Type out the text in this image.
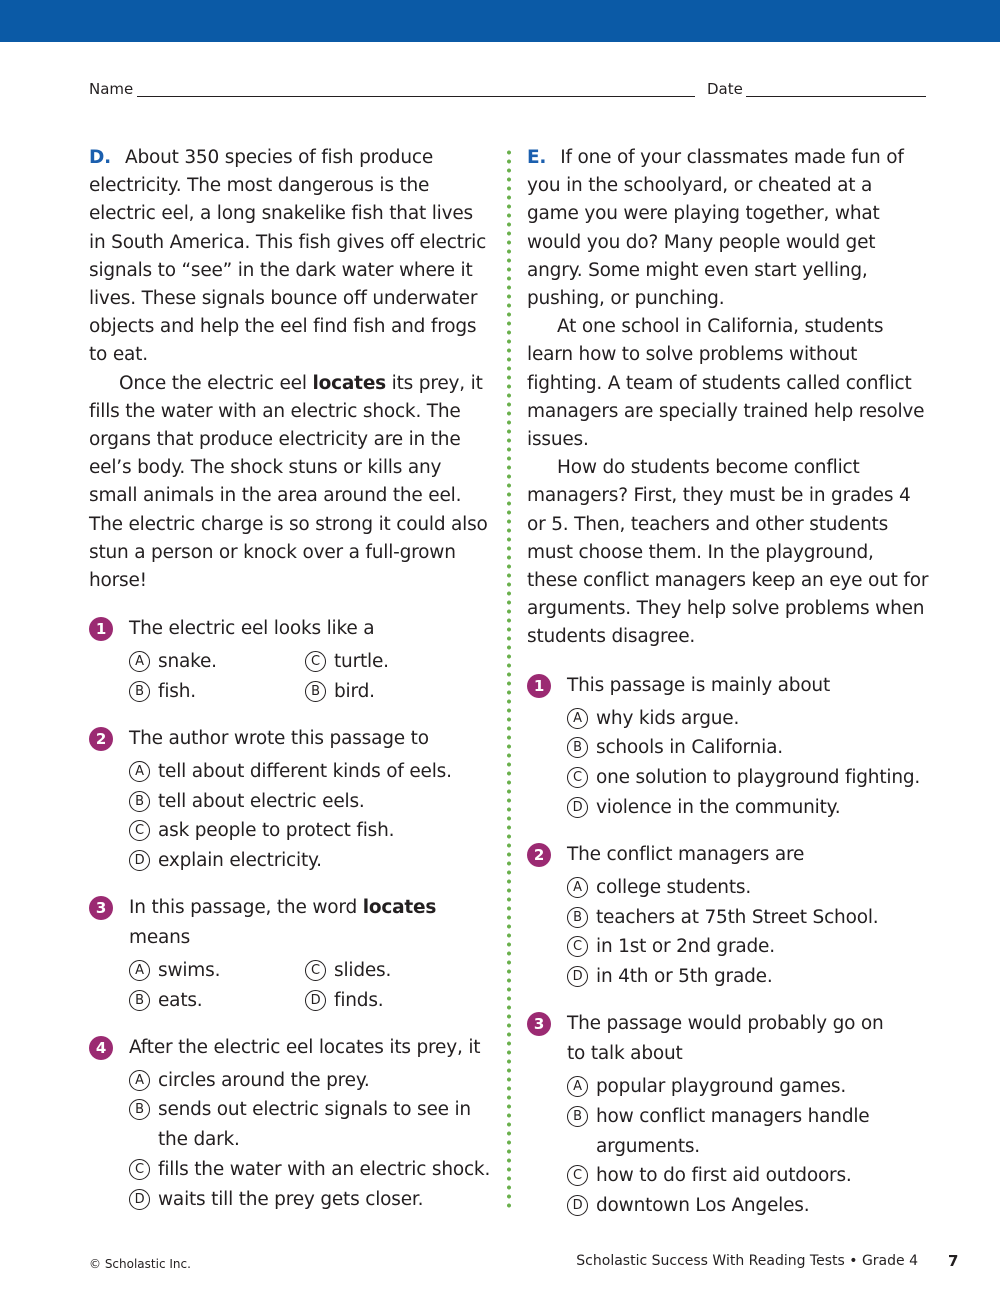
Name	Date

D. About 350 species of fish produce electricity. The most dangerous is the electric eel, a long snakelike fish that lives in South America. This fish gives off electric signals to “see” in the dark water where it lives. These signals bounce off underwater objects and help the eel find fish and frogs to eat.

Once the electric eel locates its prey, it fills the water with an electric shock. The organs that produce electricity are in the eel’s body. The shock stuns or kills any small animals in the area around the eel. The electric charge is so strong it could also stun a person or knock over a full-grown horse!

1	The electric eel looks like a
A snake.	C turtle.
B fish.	B bird.
2	The author wrote this passage to
A tell about different kinds of eels.
B tell about electric eels.
C ask people to protect fish.
D explain electricity.
3	In this passage, the word locates means
A swims.	C slides.
B eats.	D finds.
4	After the electric eel locates its prey, it
A circles around the prey.
B sends out electric signals to see in the dark.
C fills the water with an electric shock.
D waits till the prey gets closer.

E. If one of your classmates made fun of you in the schoolyard, or cheated at a game you were playing together, what would you do? Many people would get angry. Some might even start yelling, pushing, or punching.

At one school in California, students learn how to solve problems without fighting. A team of students called conflict managers are specially trained help resolve issues.

How do students become conflict managers? First, they must be in grades 4 or 5. Then, teachers and other students must choose them. In the playground, these conflict managers keep an eye out for arguments. They help solve problems when students disagree.

1	This passage is mainly about
A why kids argue.
B schools in California.
C one solution to playground fighting.
D violence in the community.
2	The conflict managers are
A college students.
B teachers at 75th Street School.
C in 1st or 2nd grade.
D in 4th or 5th grade.
3	The passage would probably go on to talk about
A popular playground games.
B how conflict managers handle arguments.
C how to do first aid outdoors.
D downtown Los Angeles.
© Scholastic Inc.	Scholastic Success With Reading Tests • Grade 4 7
